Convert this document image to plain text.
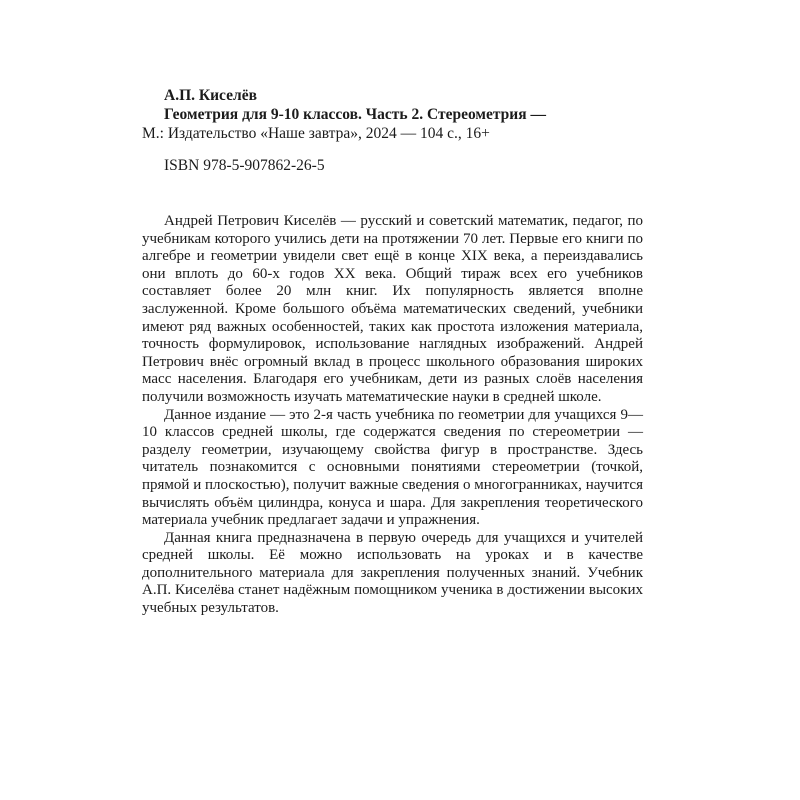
А.П. Киселёв
Геометрия для 9-10 классов. Часть 2. Стереометрия —
М.: Издательство «Наше завтра», 2024 — 104 с., 16+
ISBN 978-5-907862-26-5

Андрей Петрович Киселёв — русский и советский математик, педагог, по учебникам которого учились дети на протяжении 70 лет. Первые его книги по алгебре и геометрии увидели свет ещё в конце XIX века, а переиздавались они вплоть до 60-х годов XX века. Общий тираж всех его учебников составляет более 20 млн книг. Их популярность является вполне заслуженной. Кроме большого объёма математических сведений, учебники имеют ряд важных особенностей, таких как простота изложения материала, точность формулировок, использование наглядных изображений. Андрей Петрович внёс огромный вклад в процесс школьного образования широких масс населения. Благодаря его учебникам, дети из разных слоёв населения получили возможность изучать математические науки в средней школе.

Данное издание — это 2-я часть учебника по геометрии для учащихся 9—10 классов средней школы, где содержатся сведения по стереометрии — разделу геометрии, изучающему свойства фигур в пространстве. Здесь читатель познакомится с основными понятиями стереометрии (точкой, прямой и плоскостью), получит важные сведения о многогранниках, научится вычислять объём цилиндра, конуса и шара. Для закрепления теоретического материала учебник предлагает задачи и упражнения.

Данная книга предназначена в первую очередь для учащихся и учителей средней школы. Её можно использовать на уроках и в качестве дополнительного материала для закрепления полученных знаний. Учебник А.П. Киселёва станет надёжным помощником ученика в достижении высоких учебных результатов.
